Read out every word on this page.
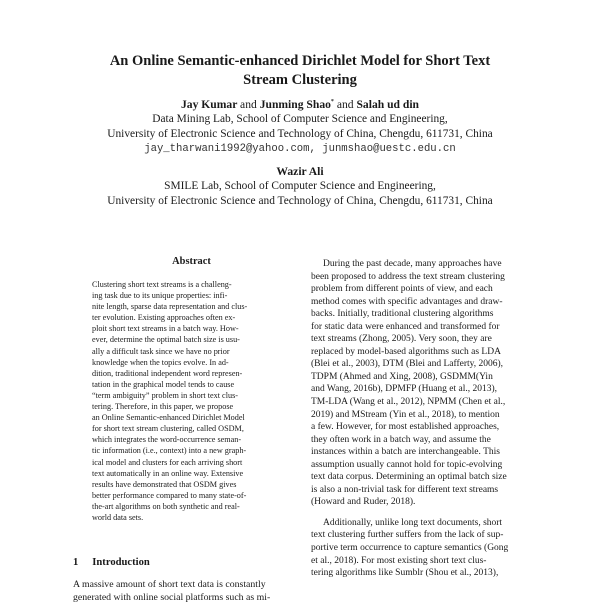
An Online Semantic-enhanced Dirichlet Model for Short Text
Stream Clustering
Jay Kumar and Junming Shao* and Salah ud din
Data Mining Lab, School of Computer Science and Engineering,
University of Electronic Science and Technology of China, Chengdu, 611731, China
jay_tharwani1992@yahoo.com, junmshao@uestc.edu.cn
Wazir Ali
SMILE Lab, School of Computer Science and Engineering,
University of Electronic Science and Technology of China, Chengdu, 611731, China
Abstract
Clustering short text streams is a challeng-
ing task due to its unique properties: infi-
nite length, sparse data representation and clus-
ter evolution. Existing approaches often ex-
ploit short text streams in a batch way. How-
ever, determine the optimal batch size is usu-
ally a difficult task since we have no prior
knowledge when the topics evolve. In ad-
dition, traditional independent word represen-
tation in the graphical model tends to cause
“term ambiguity” problem in short text clus-
tering. Therefore, in this paper, we propose
an Online Semantic-enhanced Dirichlet Model
for short text stream clustering, called OSDM,
which integrates the word-occurrence seman-
tic information (i.e., context) into a new graph-
ical model and clusters for each arriving short
text automatically in an online way. Extensive
results have demonstrated that OSDM gives
better performance compared to many state-of-
the-art algorithms on both synthetic and real-
world data sets.
1 Introduction
A massive amount of short text data is constantly
generated with online social platforms such as mi-
During the past decade, many approaches have
been proposed to address the text stream clustering
problem from different points of view, and each
method comes with specific advantages and draw-
backs. Initially, traditional clustering algorithms
for static data were enhanced and transformed for
text streams (Zhong, 2005). Very soon, they are
replaced by model-based algorithms such as LDA
(Blei et al., 2003), DTM (Blei and Lafferty, 2006),
TDPM (Ahmed and Xing, 2008), GSDMM(Yin
and Wang, 2016b), DPMFP (Huang et al., 2013),
TM-LDA (Wang et al., 2012), NPMM (Chen et al.,
2019) and MStream (Yin et al., 2018), to mention
a few. However, for most established approaches,
they often work in a batch way, and assume the
instances within a batch are interchangeable. This
assumption usually cannot hold for topic-evolving
text data corpus. Determining an optimal batch size
is also a non-trivial task for different text streams
(Howard and Ruder, 2018).
Additionally, unlike long text documents, short
text clustering further suffers from the lack of sup-
portive term occurrence to capture semantics (Gong
et al., 2018). For most existing short text clus-
tering algorithms like Sumblr (Shou et al., 2013),
